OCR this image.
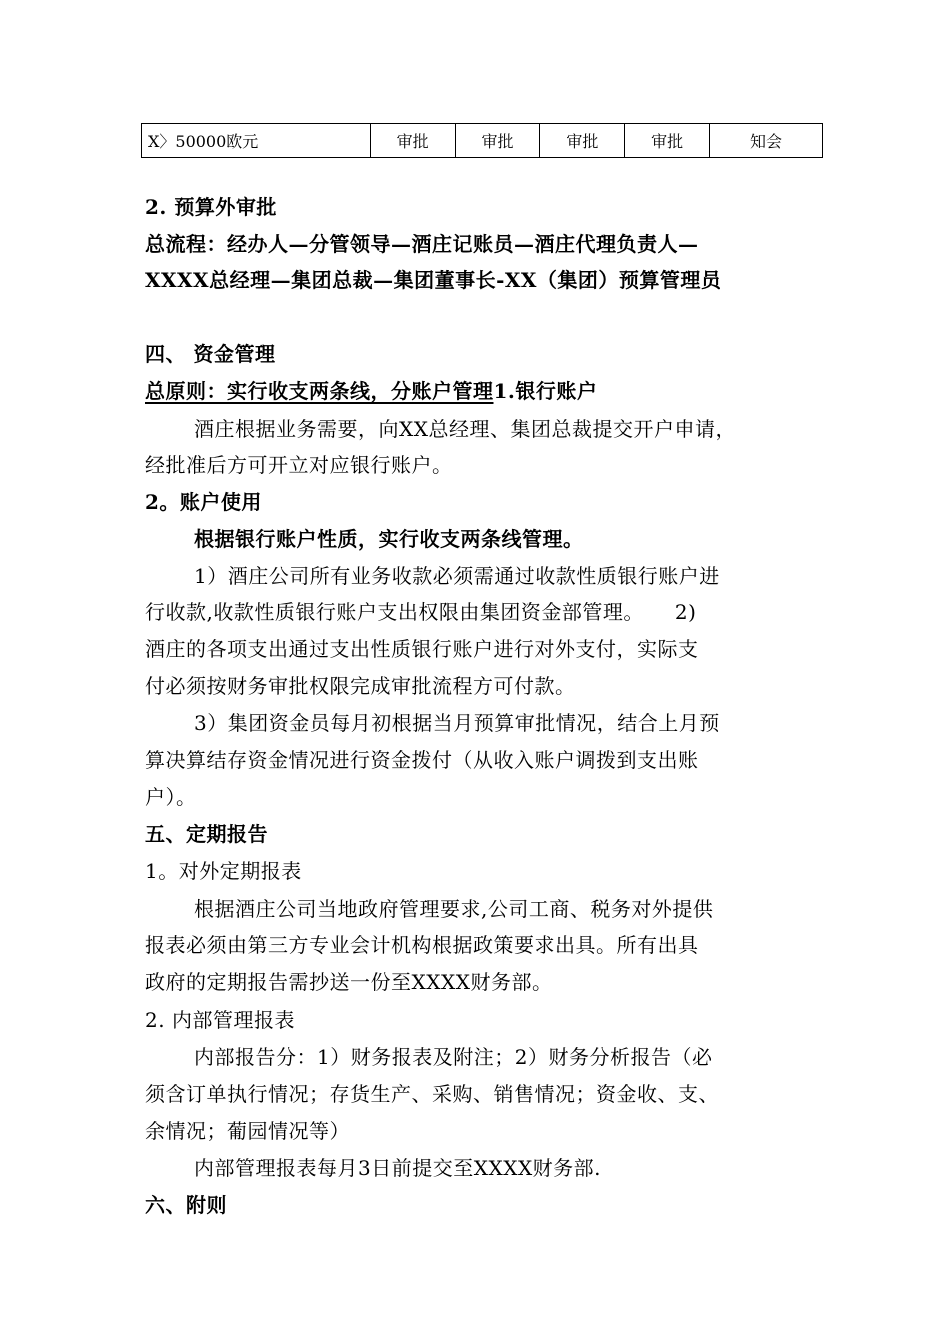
X〉50000欧元	审批	审批	审批	审批	知会
2. 预算外审批
总流程：经办人—分管领导—酒庄记账员—酒庄代理负责人—
XXXX总经理—集团总裁—集团董事长-XX（集团）预算管理员
四、 资金管理
总原则：实行收支两条线，分账户管理1.银行账户
酒庄根据业务需要，向XX总经理、集团总裁提交开户申请，
经批准后方可开立对应银行账户。
2。账户使用
根据银行账户性质，实行收支两条线管理。
1）酒庄公司所有业务收款必须需通过收款性质银行账户进
行收款,收款性质银行账户支出权限由集团资金部管理。　　2)
酒庄的各项支出通过支出性质银行账户进行对外支付，实际支
付必须按财务审批权限完成审批流程方可付款。
3）集团资金员每月初根据当月预算审批情况，结合上月预
算决算结存资金情况进行资金拨付（从收入账户调拨到支出账
户）。
五、定期报告
1。对外定期报表
根据酒庄公司当地政府管理要求,公司工商、税务对外提供
报表必须由第三方专业会计机构根据政策要求出具。所有出具
政府的定期报告需抄送一份至XXXX财务部。
2. 内部管理报表
内部报告分：1）财务报表及附注；2）财务分析报告（必
须含订单执行情况；存货生产、采购、销售情况；资金收、支、
余情况；葡园情况等）
内部管理报表每月3日前提交至XXXX财务部.
六、附则
